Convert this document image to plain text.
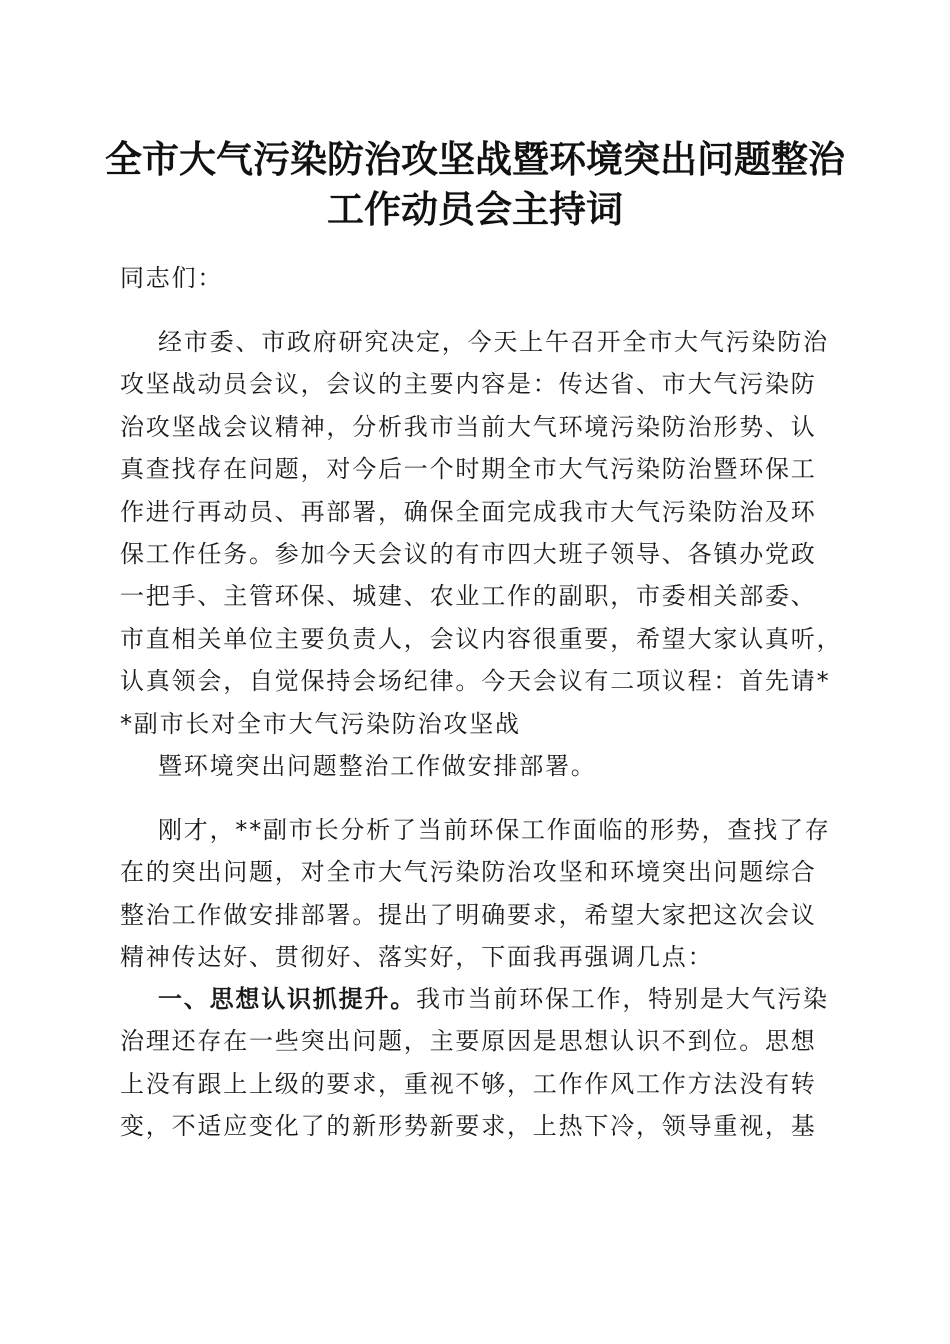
全市大气污染防治攻坚战暨环境突出问题整治
工作动员会主持词
同志们：
经市委、市政府研究决定，今天上午召开全市大气污染防治
攻坚战动员会议，会议的主要内容是：传达省、市大气污染防
治攻坚战会议精神，分析我市当前大气环境污染防治形势、认
真查找存在问题，对今后一个时期全市大气污染防治暨环保工
作进行再动员、再部署，确保全面完成我市大气污染防治及环
保工作任务。参加今天会议的有市四大班子领导、各镇办党政
一把手、主管环保、城建、农业工作的副职，市委相关部委、
市直相关单位主要负责人，会议内容很重要，希望大家认真听，
认真领会，自觉保持会场纪律。今天会议有二项议程：首先请*
*副市长对全市大气污染防治攻坚战
暨环境突出问题整治工作做安排部署。
刚才，**副市长分析了当前环保工作面临的形势，查找了存
在的突出问题，对全市大气污染防治攻坚和环境突出问题综合
整治工作做安排部署。提出了明确要求，希望大家把这次会议
精神传达好、贯彻好、落实好，下面我再强调几点：
一、思想认识抓提升。我市当前环保工作，特别是大气污染
治理还存在一些突出问题，主要原因是思想认识不到位。思想
上没有跟上上级的要求，重视不够，工作作风工作方法没有转
变，不适应变化了的新形势新要求，上热下冷，领导重视，基
